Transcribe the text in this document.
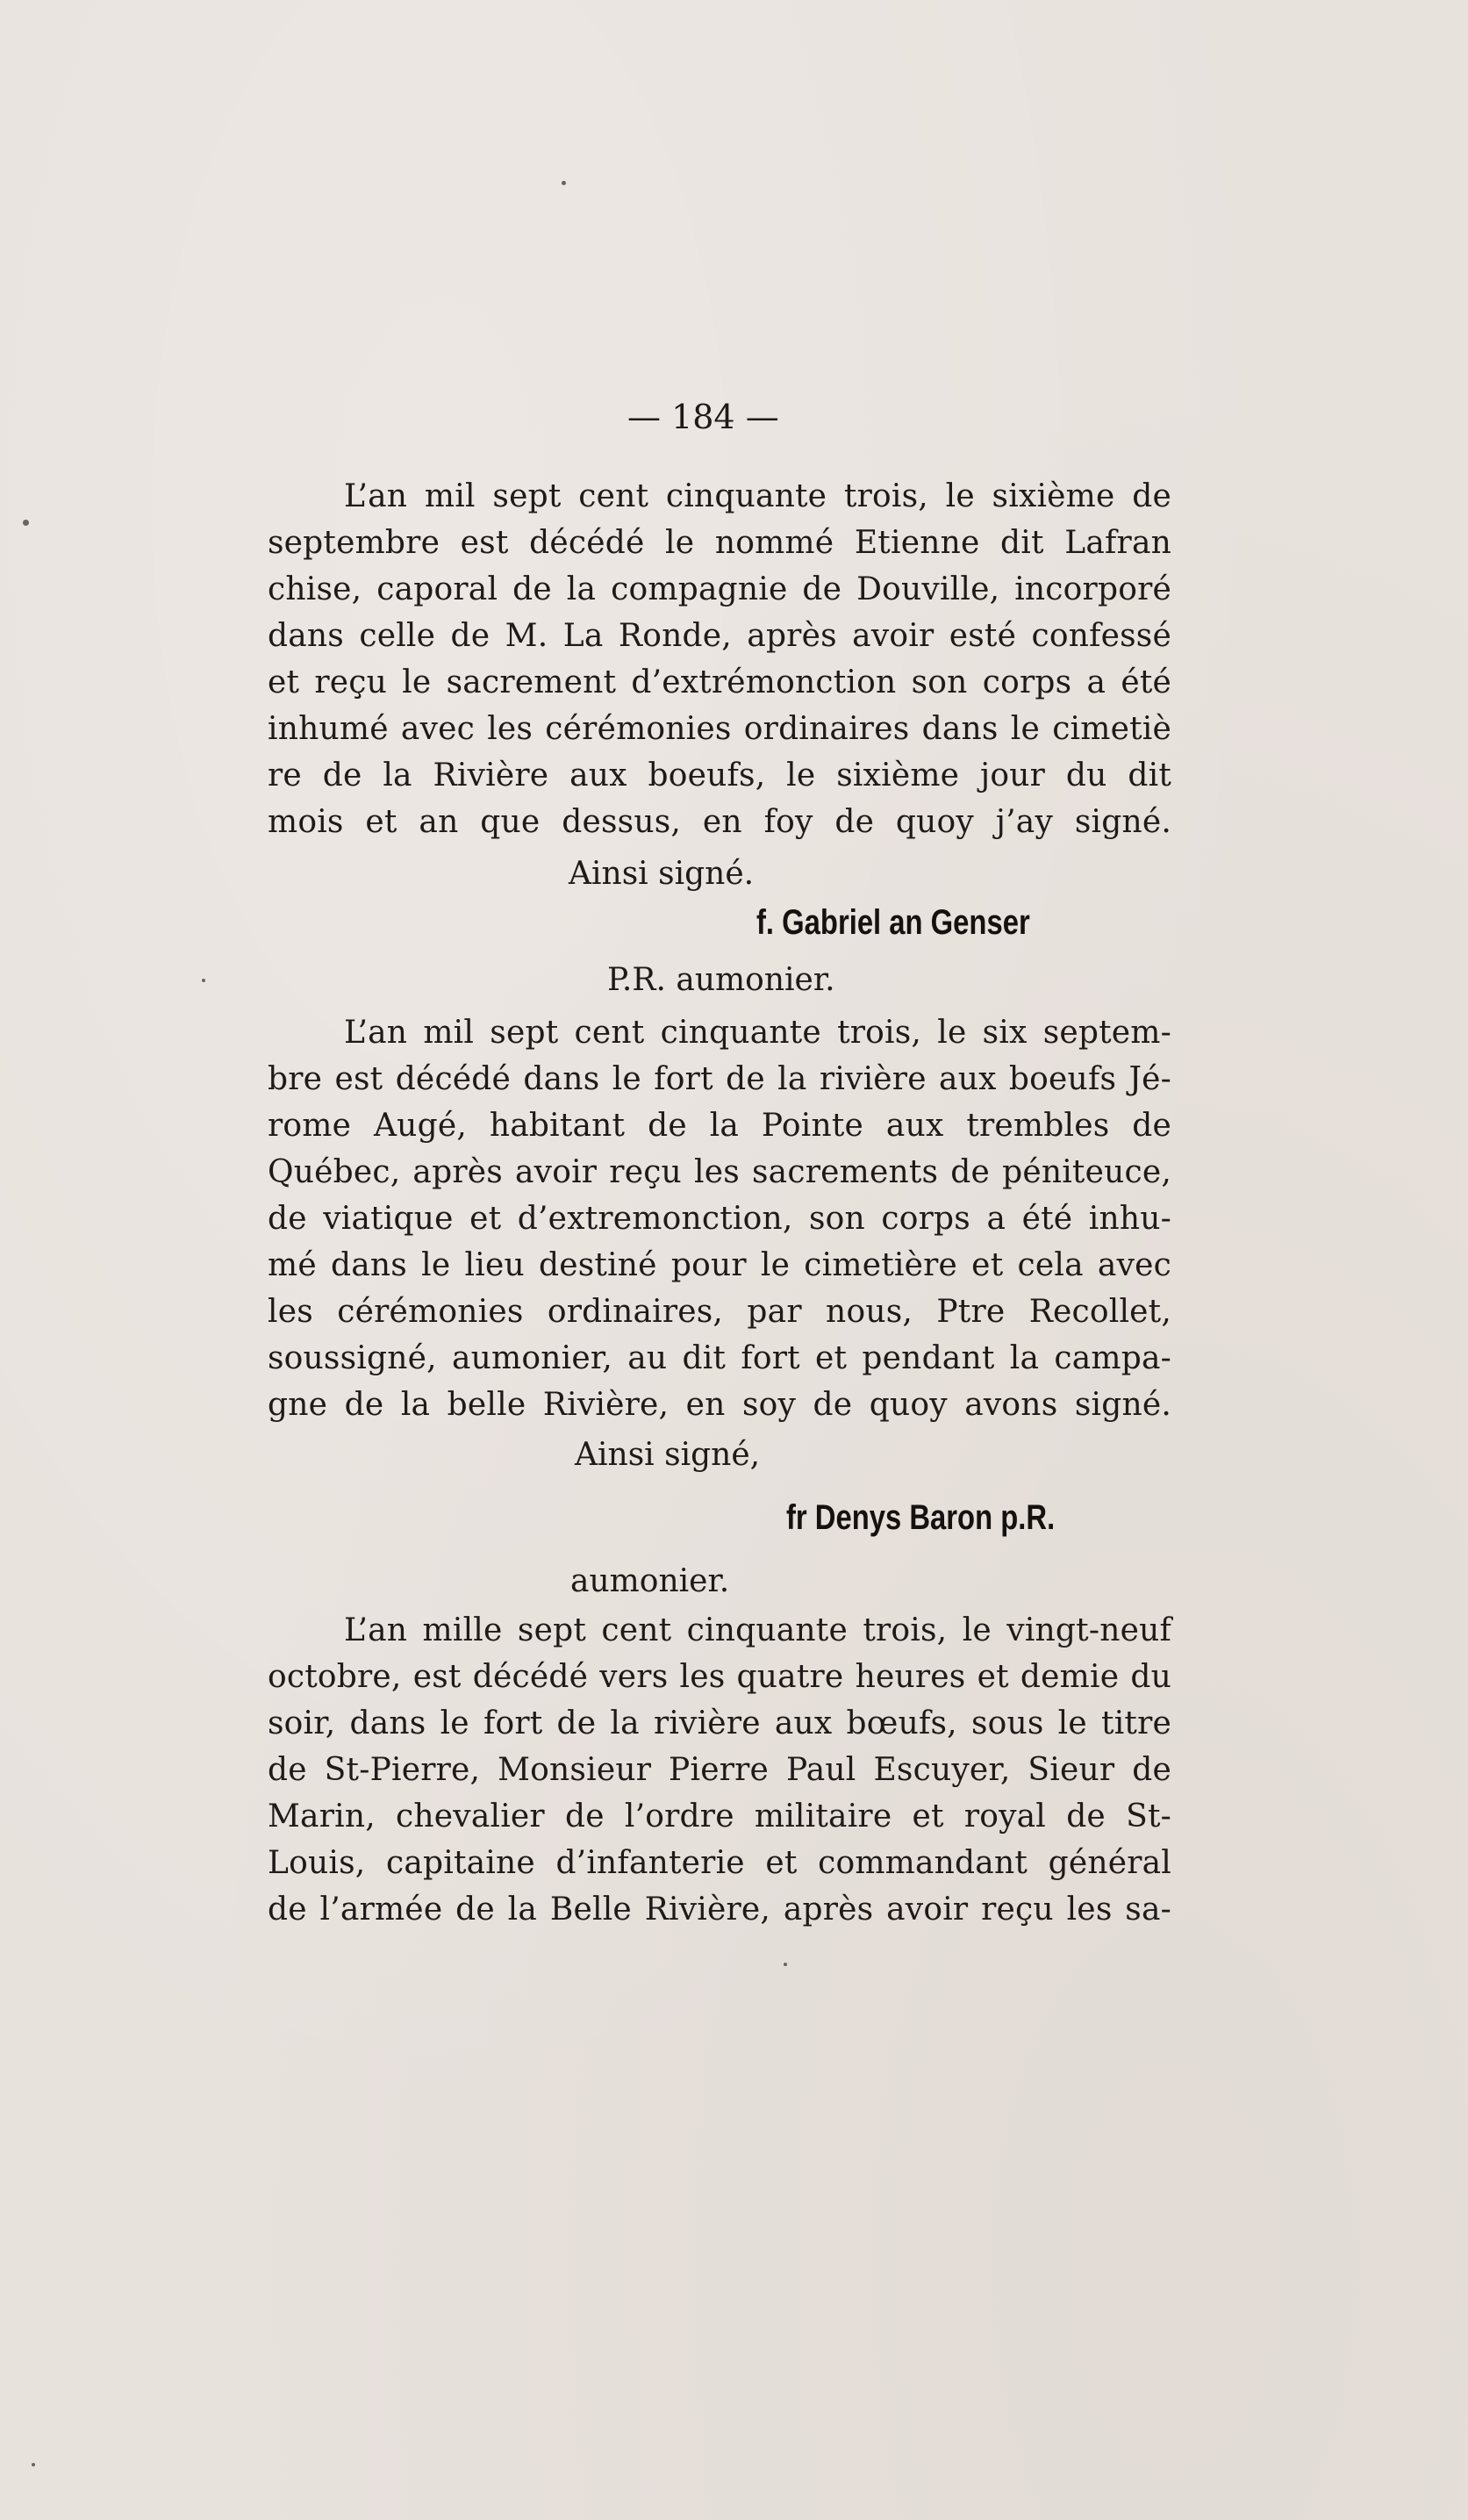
— 184 —
L’an mil sept cent cinquante trois, le sixième de
septembre est décédé le nommé Etienne dit Lafran
chise, caporal de la compagnie de Douville, incorporé
dans celle de M. La Ronde, après avoir esté confessé
et reçu le sacrement d’extrémonction son corps a été
inhumé avec les cérémonies ordinaires dans le cimetiè
re de la Rivière aux boeufs, le sixième jour du dit
mois et an que dessus, en foy de quoy j’ay signé.
Ainsi signé.
f. Gabriel an Genser
P.R. aumonier.
L’an mil sept cent cinquante trois, le six septem-
bre est décédé dans le fort de la rivière aux boeufs Jé-
rome Augé, habitant de la Pointe aux trembles de
Québec, après avoir reçu les sacrements de péniteuce,
de viatique et d’extremonction, son corps a été inhu-
mé dans le lieu destiné pour le cimetière et cela avec
les cérémonies ordinaires, par nous, Ptre Recollet,
soussigné, aumonier, au dit fort et pendant la campa-
gne de la belle Rivière, en soy de quoy avons signé.
Ainsi signé,
fr Denys Baron p.R.
aumonier.
L’an mille sept cent cinquante trois, le vingt-neuf
octobre, est décédé vers les quatre heures et demie du
soir, dans le fort de la rivière aux bœufs, sous le titre
de St-Pierre, Monsieur Pierre Paul Escuyer, Sieur de
Marin, chevalier de l’ordre militaire et royal de St-
Louis, capitaine d’infanterie et commandant général
de l’armée de la Belle Rivière, après avoir reçu les sa-
